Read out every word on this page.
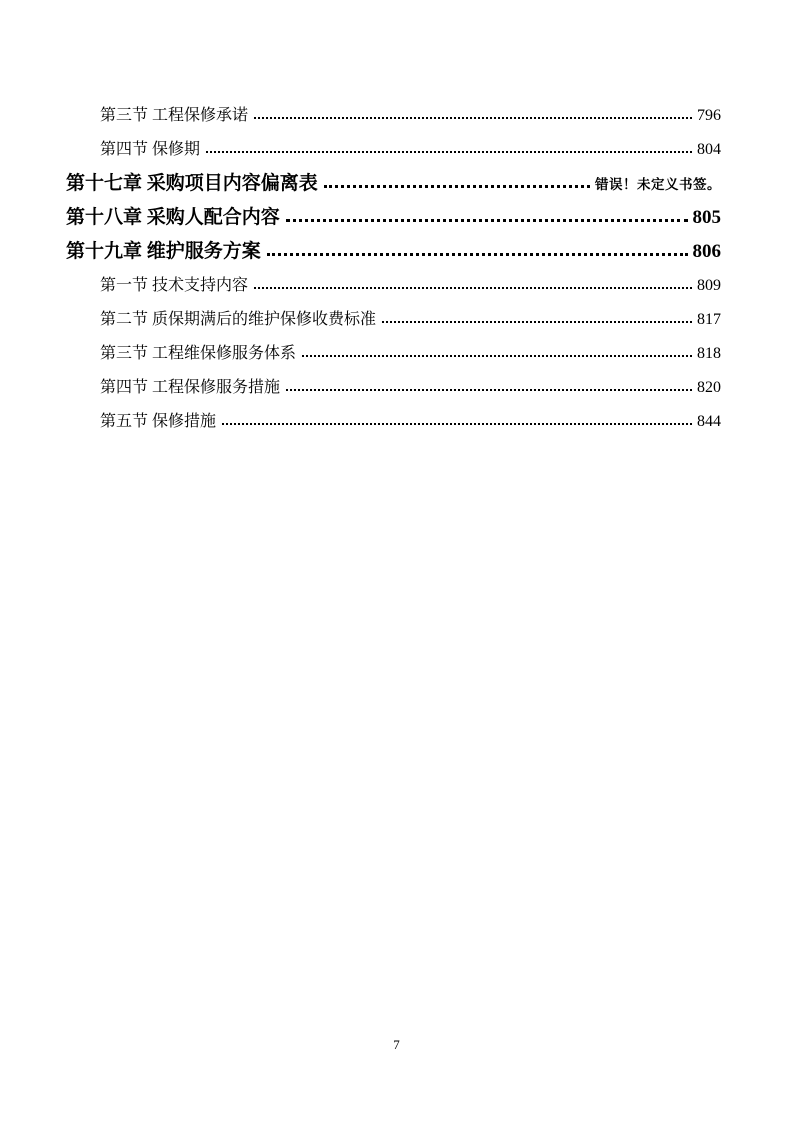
第三节 工程保修承诺	796
第四节 保修期	804
第十七章 采购项目内容偏离表	错误！未定义书签。
第十八章 采购人配合内容	805
第十九章 维护服务方案	806
第一节 技术支持内容	809
第二节 质保期满后的维护保修收费标准	817
第三节 工程维保修服务体系	818
第四节 工程保修服务措施	820
第五节 保修措施	844
7
